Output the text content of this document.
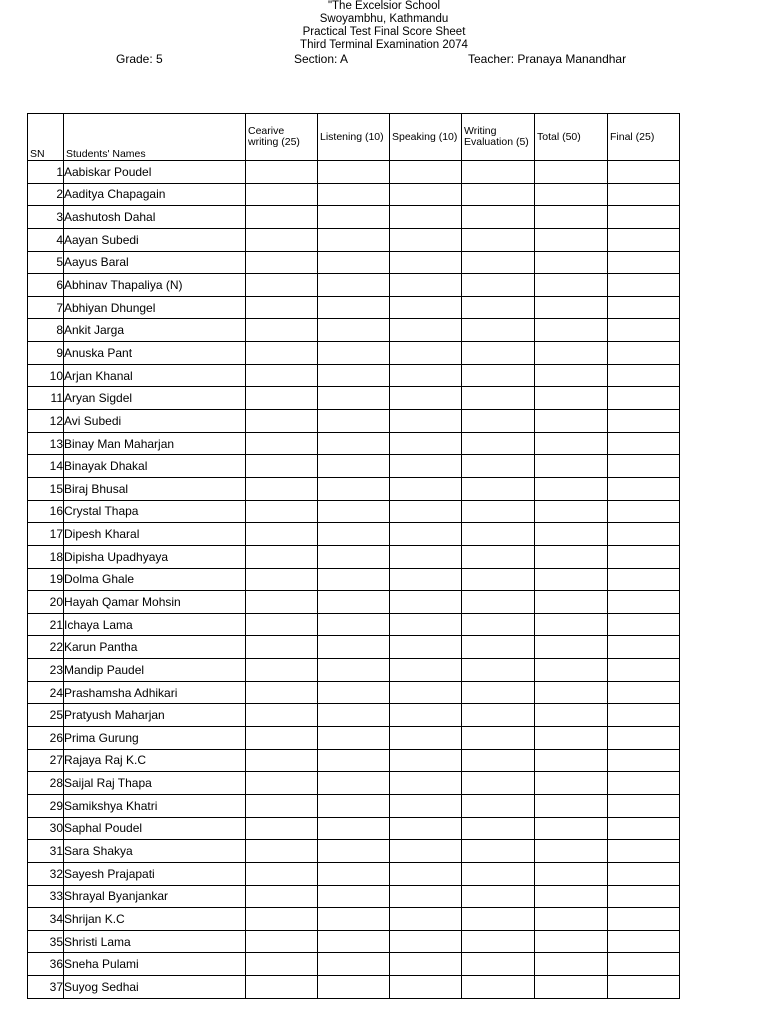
"The Excelsior School
Swoyambhu, Kathmandu
Practical Test Final Score Sheet
Third Terminal Examination 2074
Grade: 5	Section: A	Teacher: Pranaya Manandhar
SN	Students' Names	Cearive writing (25)	Listening (10)	Speaking (10)	Writing Evaluation (5)	Total (50)	Final (25)
1	Aabiskar Poudel						
2	Aaditya Chapagain						
3	Aashutosh Dahal						
4	Aayan Subedi						
5	Aayus Baral						
6	Abhinav Thapaliya (N)						
7	Abhiyan Dhungel						
8	Ankit Jarga						
9	Anuska Pant						
10	Arjan Khanal						
11	Aryan Sigdel						
12	Avi Subedi						
13	Binay Man Maharjan						
14	Binayak Dhakal						
15	Biraj Bhusal						
16	Crystal Thapa						
17	Dipesh Kharal						
18	Dipisha Upadhyaya						
19	Dolma Ghale						
20	Hayah Qamar Mohsin						
21	Ichaya Lama						
22	Karun Pantha						
23	Mandip Paudel						
24	Prashamsha Adhikari						
25	Pratyush Maharjan						
26	Prima Gurung						
27	Rajaya Raj K.C						
28	Saijal Raj Thapa						
29	Samikshya Khatri						
30	Saphal Poudel						
31	Sara Shakya						
32	Sayesh Prajapati						
33	Shrayal Byanjankar						
34	Shrijan K.C						
35	Shristi Lama						
36	Sneha Pulami						
37	Suyog Sedhai						
